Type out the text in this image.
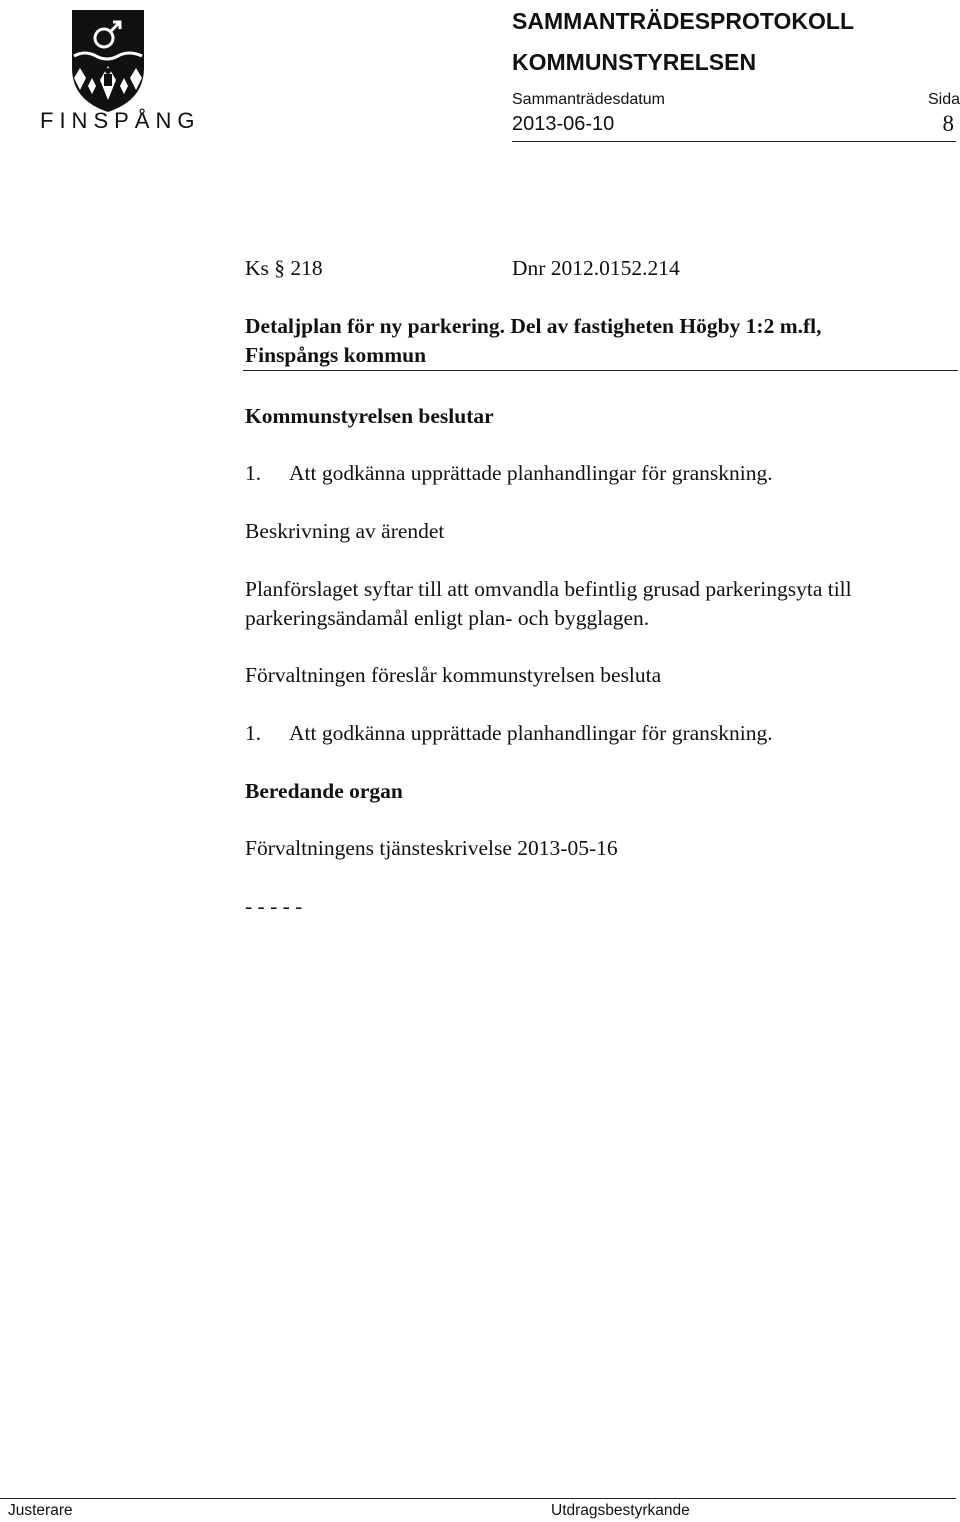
FINSPÅNG
SAMMANTRÄDESPROTOKOLL
KOMMUNSTYRELSEN
Sammanträdesdatum	Sida
2013-06-10	8
Ks § 218	Dnr 2012.0152.214
Detaljplan för ny parkering. Del av fastigheten Högby 1:2 m.fl,
Finspångs kommun
Kommunstyrelsen beslutar
1. Att godkänna upprättade planhandlingar för granskning.
Beskrivning av ärendet
Planförslaget syftar till att omvandla befintlig grusad parkeringsyta till
parkeringsändamål enligt plan- och bygglagen.
Förvaltningen föreslår kommunstyrelsen besluta
1. Att godkänna upprättade planhandlingar för granskning.
Beredande organ
Förvaltningens tjänsteskrivelse 2013-05-16
- - - - -
Justerare	Utdragsbestyrkande
